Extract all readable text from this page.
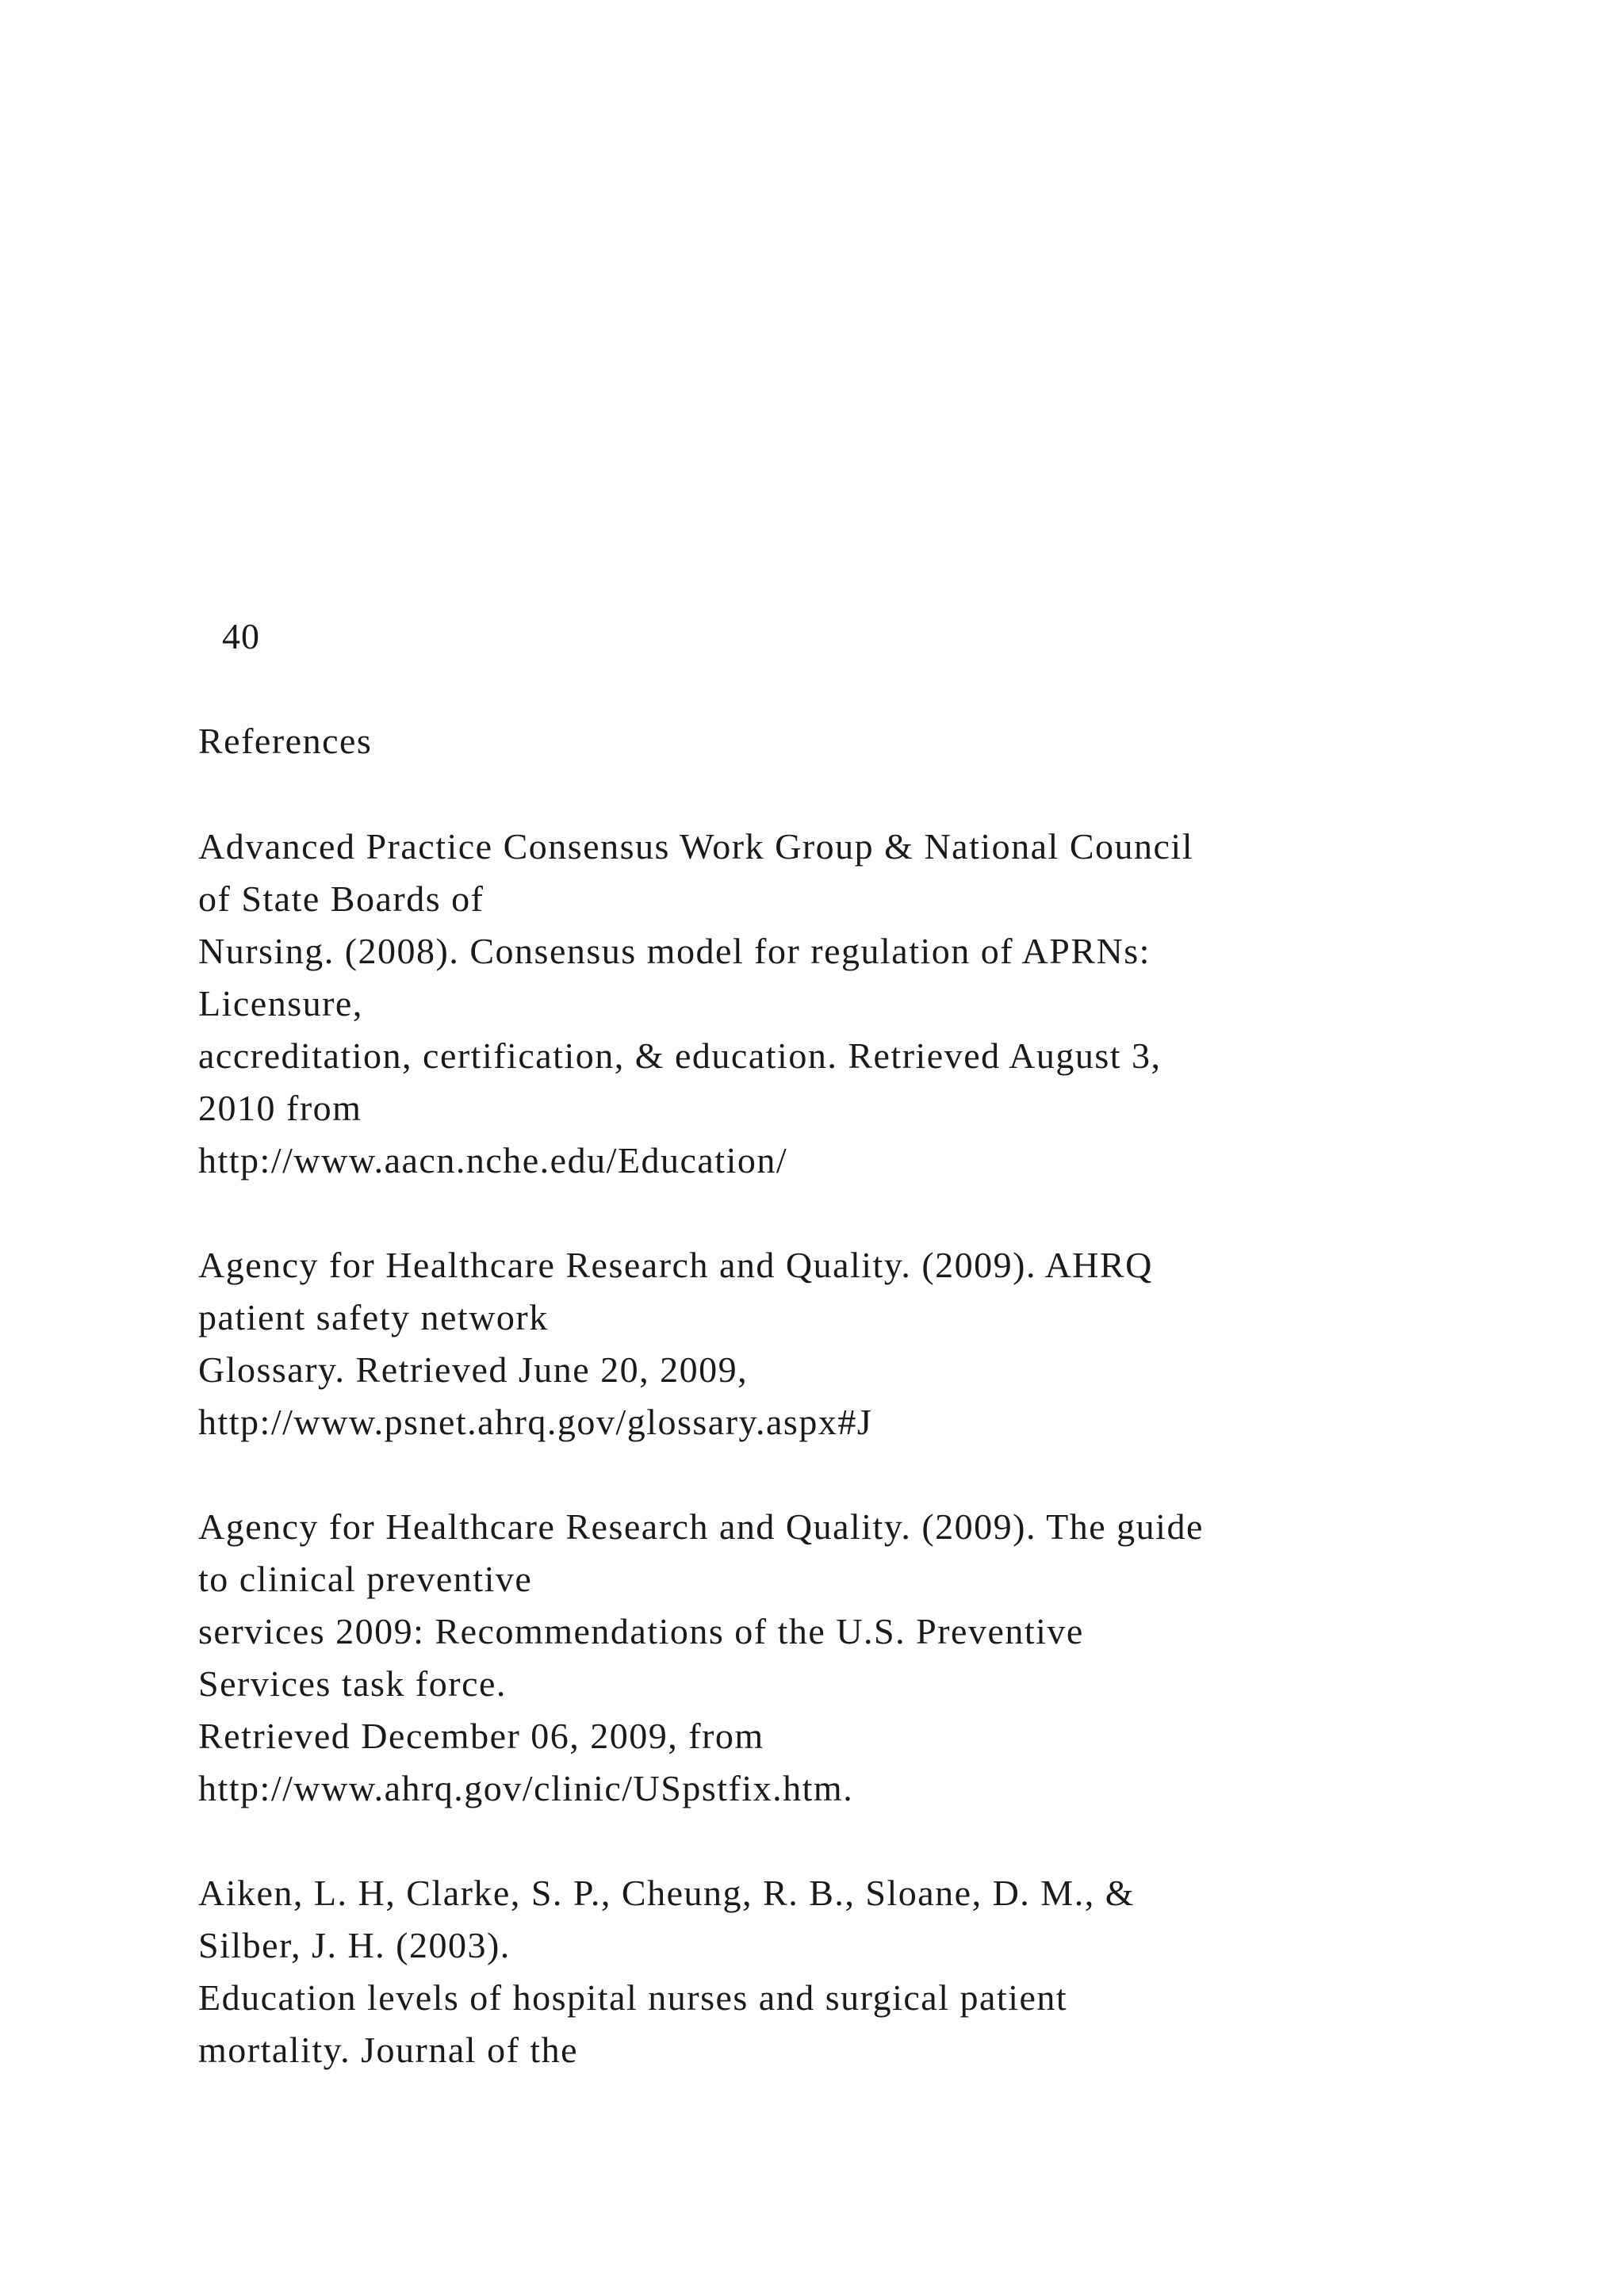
40
References
Advanced Practice Consensus Work Group & National Council
of State Boards of
Nursing. (2008). Consensus model for regulation of APRNs:
Licensure,
accreditation, certification, & education. Retrieved August 3,
2010 from
http://www.aacn.nche.edu/Education/
Agency for Healthcare Research and Quality. (2009). AHRQ
patient safety network
Glossary. Retrieved June 20, 2009,
http://www.psnet.ahrq.gov/glossary.aspx#J
Agency for Healthcare Research and Quality. (2009). The guide
to clinical preventive
services 2009: Recommendations of the U.S. Preventive
Services task force.
Retrieved December 06, 2009, from
http://www.ahrq.gov/clinic/USpstfix.htm.
Aiken, L. H, Clarke, S. P., Cheung, R. B., Sloane, D. M., &
Silber, J. H. (2003).
Education levels of hospital nurses and surgical patient
mortality. Journal of the
